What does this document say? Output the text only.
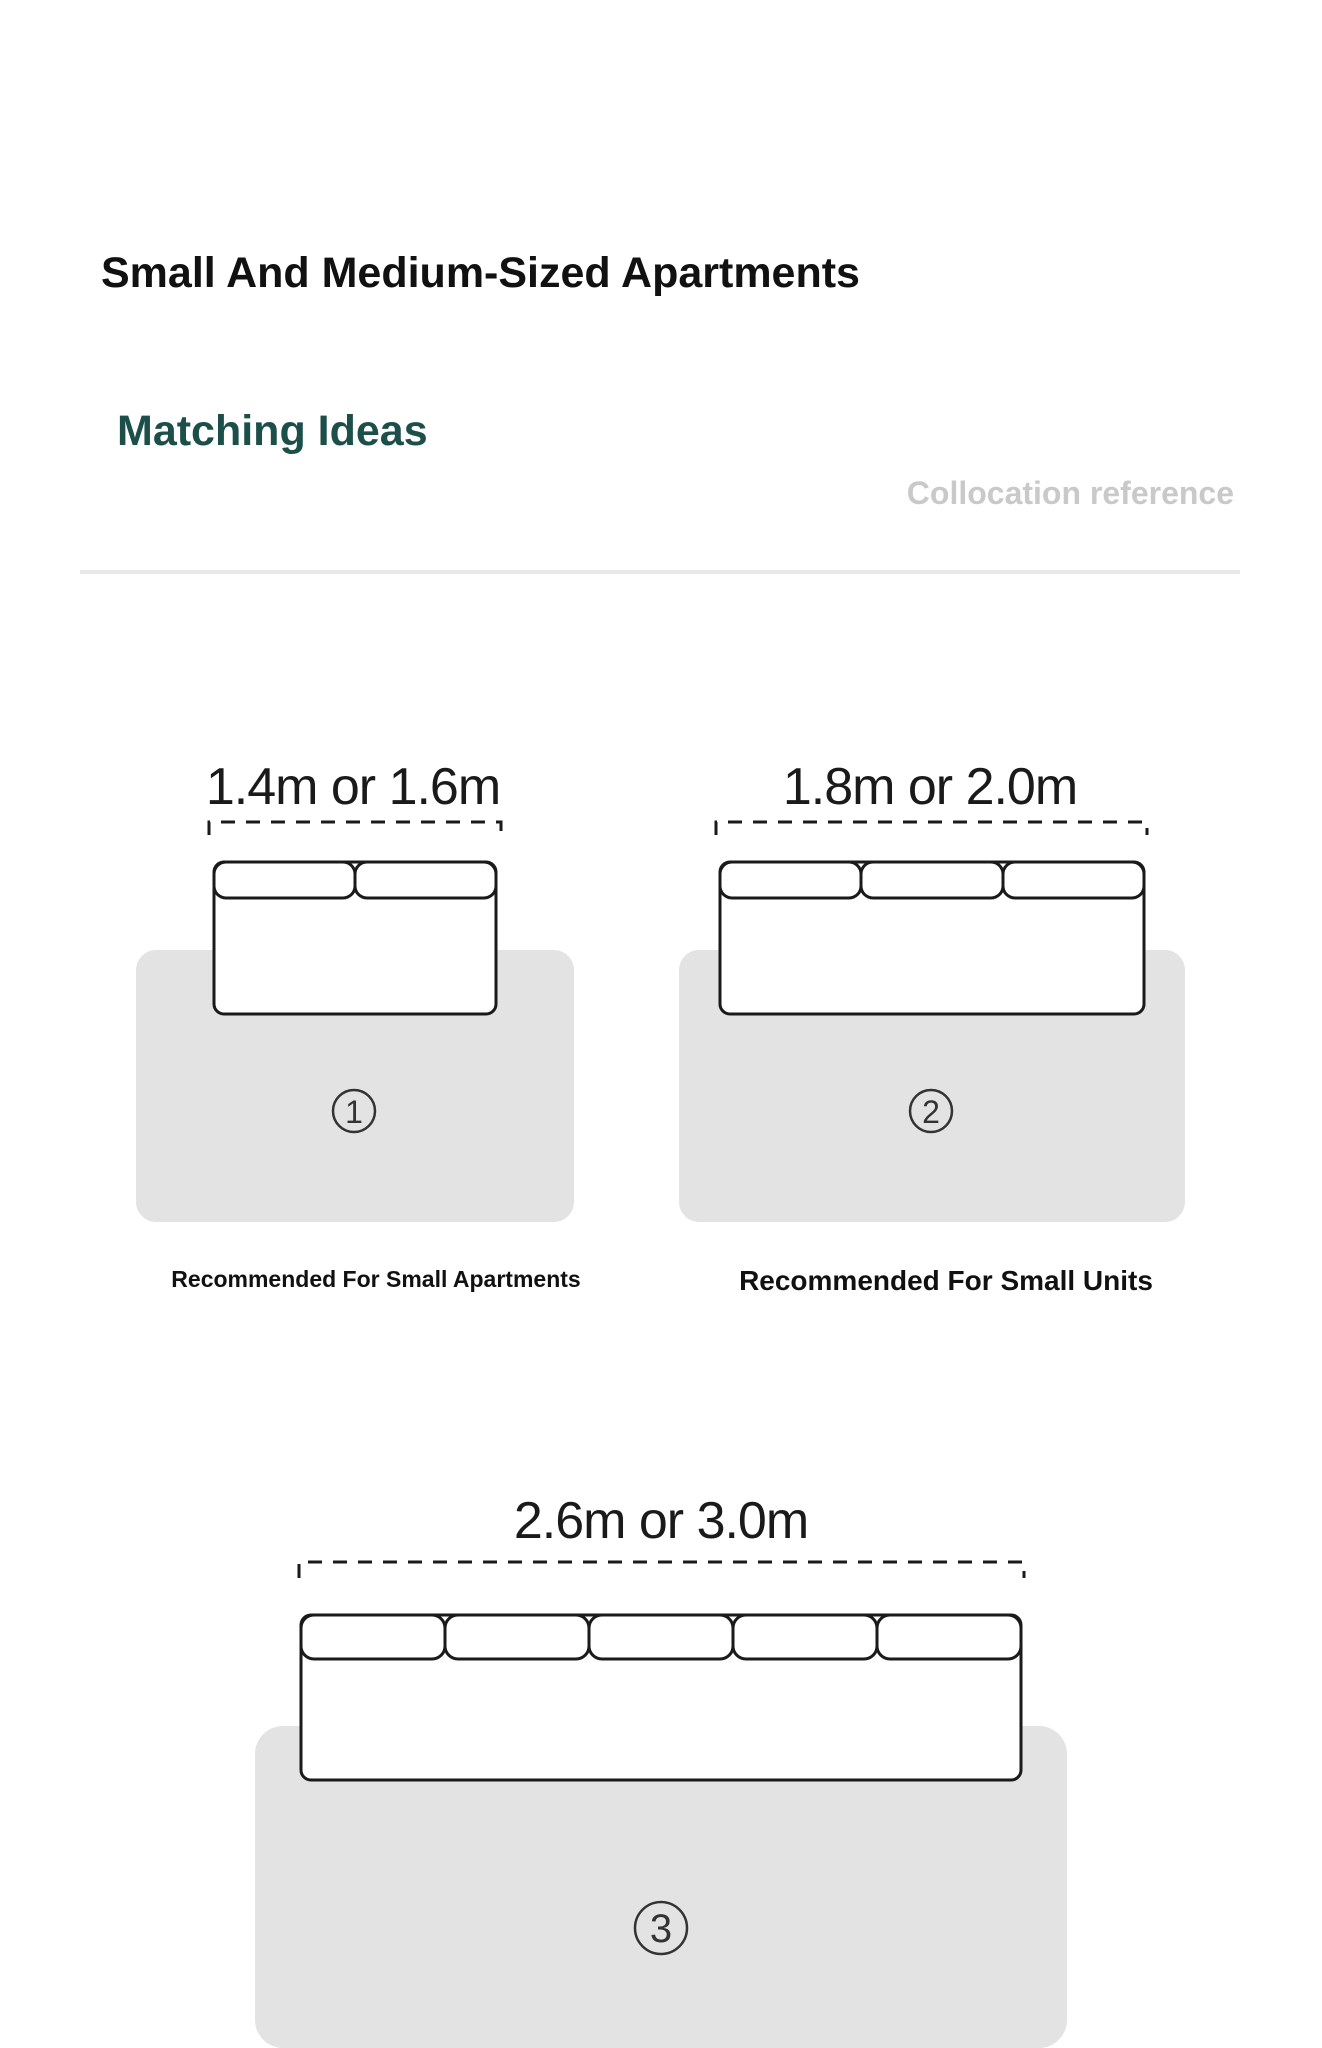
Small And Medium-Sized Apartments
Matching Ideas
Collocation reference
1.4m or 1.6m
1
1.8m or 2.0m
2
2.6m or 3.0m
3
Recommended For Small Apartments	Recommended For Small Units
